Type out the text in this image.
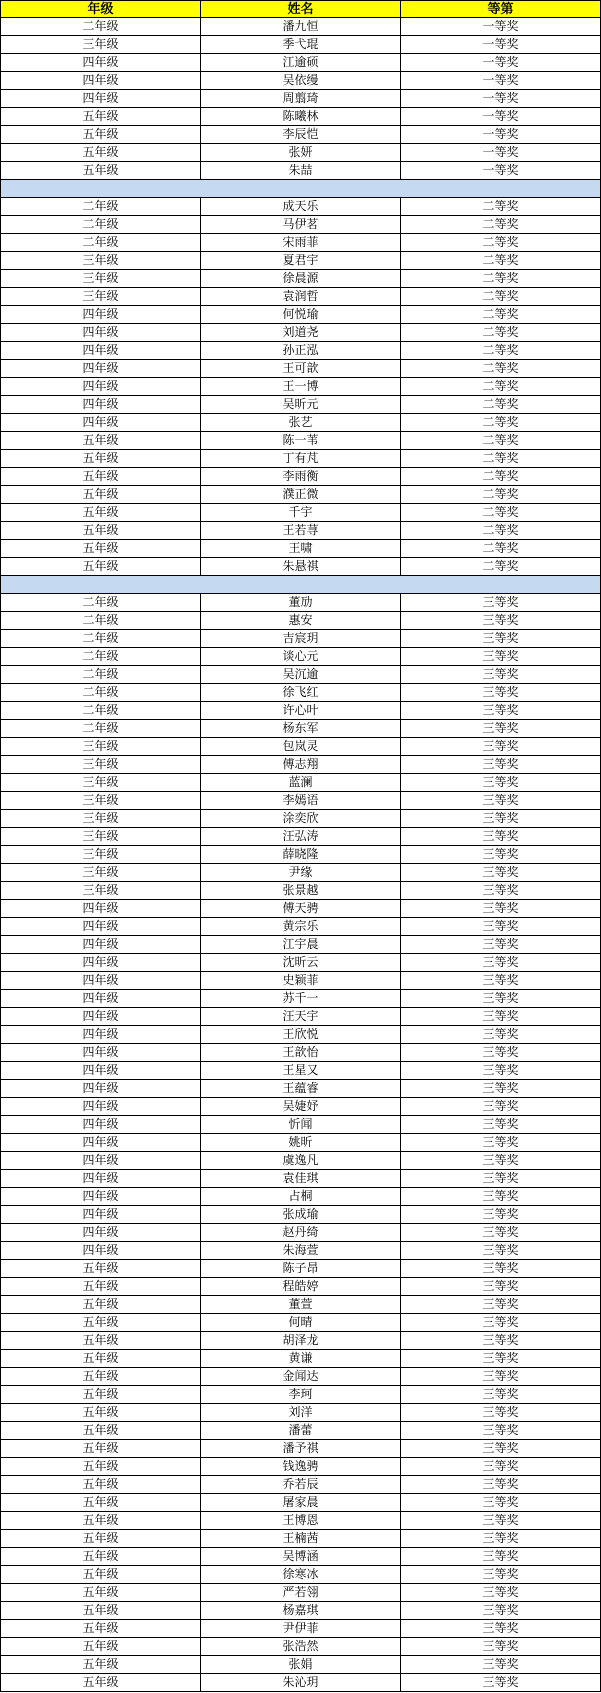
年级	姓名	等第
二年级	潘九恒	一等奖
三年级	季弋琨	一等奖
四年级	江逾硕	一等奖
四年级	吴依缦	一等奖
四年级	周翦琦	一等奖
五年级	陈曦林	一等奖
五年级	李辰恺	一等奖
五年级	张妍	一等奖
五年级	朱喆	一等奖
二年级	成天乐	二等奖
二年级	马伊茗	二等奖
二年级	宋雨菲	二等奖
三年级	夏君宇	二等奖
三年级	徐晨源	二等奖
三年级	袁润哲	二等奖
四年级	何悦瑜	二等奖
四年级	刘道尧	二等奖
四年级	孙正泓	二等奖
四年级	王可歆	二等奖
四年级	王一博	二等奖
四年级	吴昕元	二等奖
四年级	张艺	二等奖
五年级	陈一苇	二等奖
五年级	丁有芃	二等奖
五年级	李雨衡	二等奖
五年级	濮正微	二等奖
五年级	千宇	二等奖
五年级	王若荨	二等奖
五年级	王啸	二等奖
五年级	朱悬祺	二等奖
二年级	董劢	三等奖
二年级	惠安	三等奖
二年级	吉宸玥	三等奖
二年级	谈心元	三等奖
二年级	吴沉逾	三等奖
二年级	徐飞红	三等奖
二年级	许心叶	三等奖
二年级	杨东军	三等奖
三年级	包岚灵	三等奖
三年级	傅志翔	三等奖
三年级	蓝澜	三等奖
三年级	李嫣语	三等奖
三年级	涂奕欣	三等奖
三年级	汪弘涛	三等奖
三年级	薛晓隆	三等奖
三年级	尹缘	三等奖
三年级	张景越	三等奖
四年级	傅天骋	三等奖
四年级	黄宗乐	三等奖
四年级	江宇晨	三等奖
四年级	沈昕云	三等奖
四年级	史颖菲	三等奖
四年级	苏千一	三等奖
四年级	汪天宇	三等奖
四年级	王欣悦	三等奖
四年级	王歆怡	三等奖
四年级	王星又	三等奖
四年级	王蕴睿	三等奖
四年级	吴婕妤	三等奖
四年级	忻闻	三等奖
四年级	姚昕	三等奖
四年级	虞逸凡	三等奖
四年级	袁佳琪	三等奖
四年级	占桐	三等奖
四年级	张成瑜	三等奖
四年级	赵丹绮	三等奖
四年级	朱海萱	三等奖
五年级	陈子昂	三等奖
五年级	程皓婷	三等奖
五年级	董萱	三等奖
五年级	何晴	三等奖
五年级	胡泽龙	三等奖
五年级	黄谦	三等奖
五年级	金闻达	三等奖
五年级	李珂	三等奖
五年级	刘洋	三等奖
五年级	潘蕾	三等奖
五年级	潘予祺	三等奖
五年级	钱逸骋	三等奖
五年级	乔若辰	三等奖
五年级	屠家晨	三等奖
五年级	王博恩	三等奖
五年级	王楠茜	三等奖
五年级	吴博涵	三等奖
五年级	徐寒冰	三等奖
五年级	严若翎	三等奖
五年级	杨嘉琪	三等奖
五年级	尹伊菲	三等奖
五年级	张浩然	三等奖
五年级	张娟	三等奖
五年级	朱沁玥	三等奖
